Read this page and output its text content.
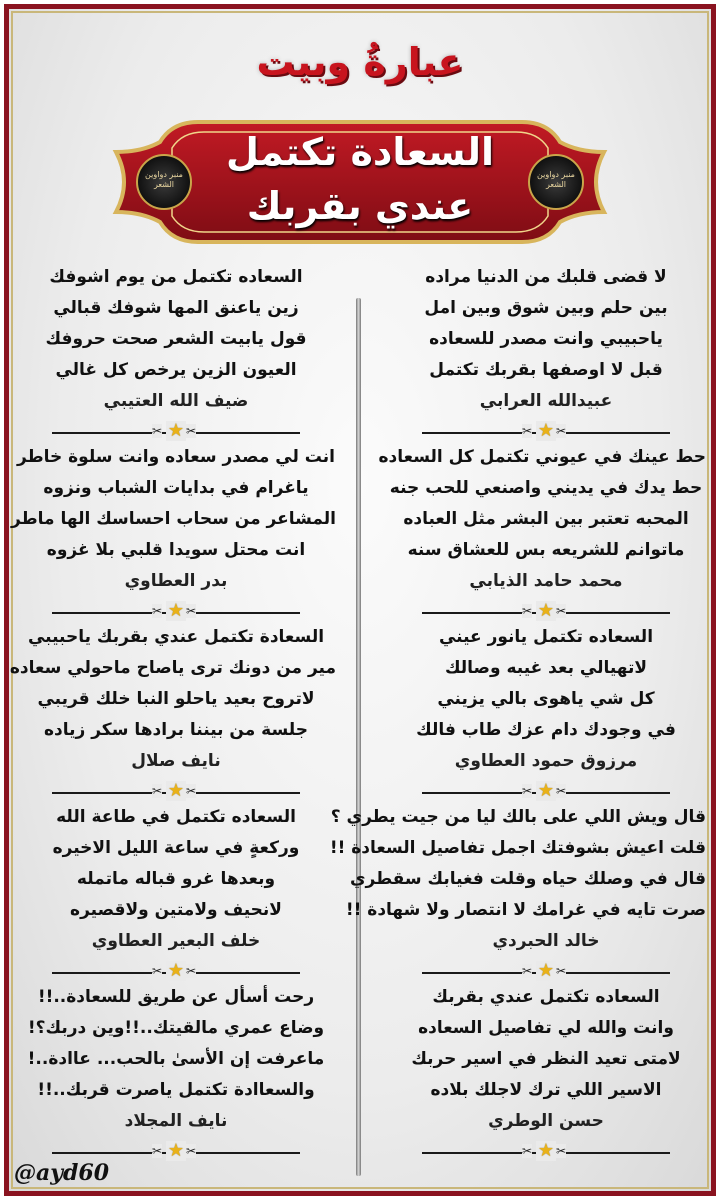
عبارةُ وبيت
منبر دواوين الشعر
منبر دواوين الشعر
السعادة تكتمل
عندي بقربك
لا قضى قلبك من الدنيا مراده
بين حلم وبين شوق وبين امل
ياحبيبي وانت مصدر للسعاده
قبل لا اوصفها بقربك تكتمل
عبيدالله العرابي
✂ ★ ✂
حط عينك في عيوني تكتمل كل السعاده
حط يدك في يديني واصنعي للحب جنه
المحبه تعتبر بين البشر مثل العباده
ماتوانم للشريعه بس للعشاق سنه
محمد حامد الذيابي
✂ ★ ✂
السعاده تكتمل يانور عيني
لاتهيالي بعد غيبه وصالك
كل شي ياهوى بالي يزيني
في وجودك دام عزك طاب فالك
مرزوق حمود العطاوي
✂ ★ ✂
قال ويش اللي على بالك ليا من جيت يطري ؟
قلت اعيش بشوفتك اجمل تفاصيل السعادة !!
قال في وصلك حياه وقلت فغيابك سقطري
صرت تايه في غرامك لا انتصار ولا شهادة !!
خالد الحبردي
✂ ★ ✂
السعاده تكتمل عندي بقربك
وانت والله لي تفاصيل السعاده
لامتى تعيد النظر في اسير حربك
الاسير اللي ترك لاجلك بلاده
حسن الوطري
✂ ★ ✂
السعاده تكتمل من يوم اشوفك
زين ياعنق المها شوفك قبالي
قول يابيت الشعر صحت حروفك
العيون الزين يرخص كل غالي
ضيف الله العتيبي
✂ ★ ✂
انت لي مصدر سعاده وانت سلوة خاطر
ياغرام في بدايات الشباب ونزوه
المشاعر من سحاب احساسك الها ماطر
انت محتل سويدا قلبي بلا غزوه
بدر العطاوي
✂ ★ ✂
السعادة تكتمل عندي بقربك ياحبيبي
مير من دونك ترى ياصاح ماحولي سعاده
لاتروح بعيد ياحلو النبا خلك قريبي
جلسة من بيننا برادها سكر زياده
نايف صلال
✂ ★ ✂
السعاده تكتمل في طاعة الله
وركعةٍ في ساعة الليل الاخيره
وبعدها غرو قباله ماتمله
لانحيف ولامتين ولاقصيره
خلف البعير العطاوي
✂ ★ ✂
رحت أسأل عن طريق للسعادة..!!
وضاع عمري مالقيتك..!!وين دربك؟!
ماعرفت إن الأسىٰ بالحب... عاادة..!
والسعاادة تكتمل ياصرت قربك..!!
نايف المجلاد
✂ ★ ✂
@ayd60
